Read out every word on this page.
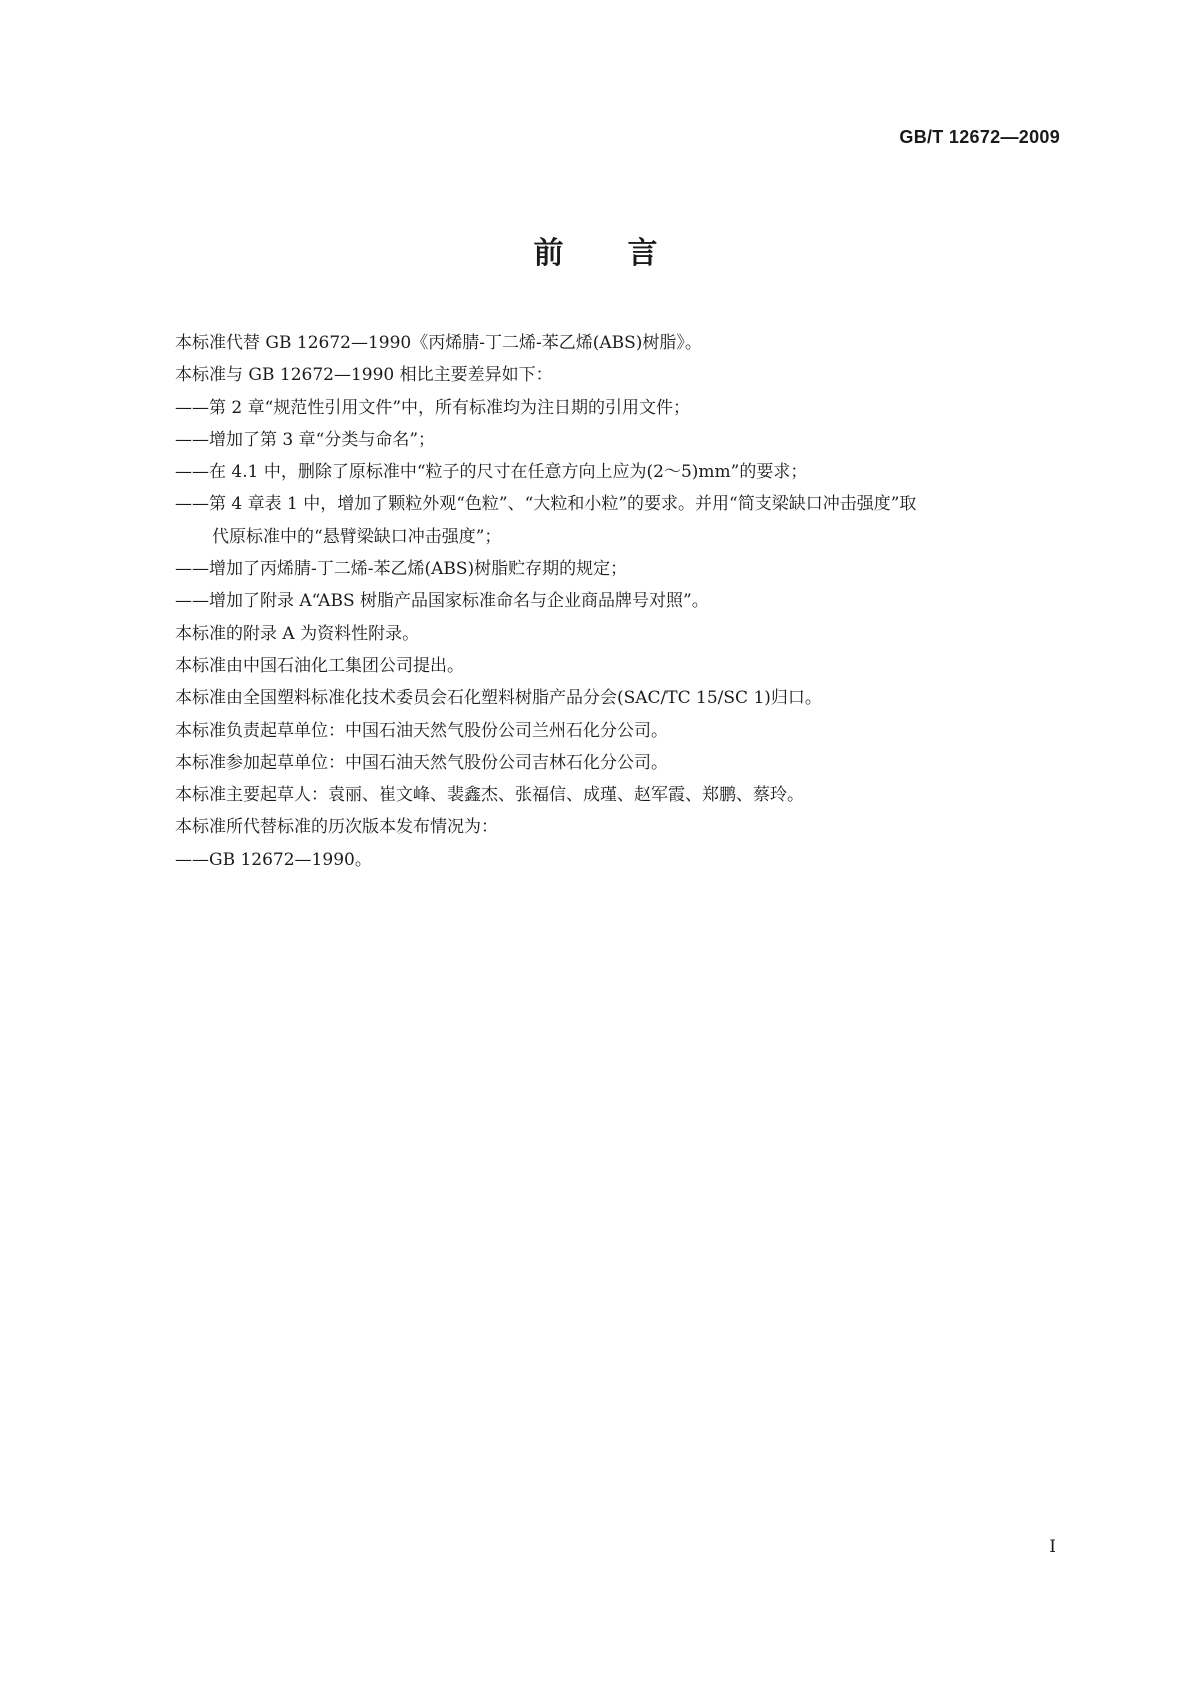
GB/T 12672—2009
前言
本标准代替 GB 12672—1990《丙烯腈-丁二烯-苯乙烯(ABS)树脂》。
本标准与 GB 12672—1990 相比主要差异如下：
——第 2 章“规范性引用文件”中，所有标准均为注日期的引用文件；
——增加了第 3 章“分类与命名”；
——在 4.1 中，删除了原标准中“粒子的尺寸在任意方向上应为(2～5)mm”的要求；
——第 4 章表 1 中，增加了颗粒外观“色粒”、“大粒和小粒”的要求。并用“简支梁缺口冲击强度”取
代原标准中的“悬臂梁缺口冲击强度”；
——增加了丙烯腈-丁二烯-苯乙烯(ABS)树脂贮存期的规定；
——增加了附录 A“ABS 树脂产品国家标准命名与企业商品牌号对照”。
本标准的附录 A 为资料性附录。
本标准由中国石油化工集团公司提出。
本标准由全国塑料标准化技术委员会石化塑料树脂产品分会(SAC/TC 15/SC 1)归口。
本标准负责起草单位：中国石油天然气股份公司兰州石化分公司。
本标准参加起草单位：中国石油天然气股份公司吉林石化分公司。
本标准主要起草人：袁丽、崔文峰、裴鑫杰、张福信、成瑾、赵军霞、郑鹏、蔡玲。
本标准所代替标准的历次版本发布情况为：
——GB 12672—1990。
I
